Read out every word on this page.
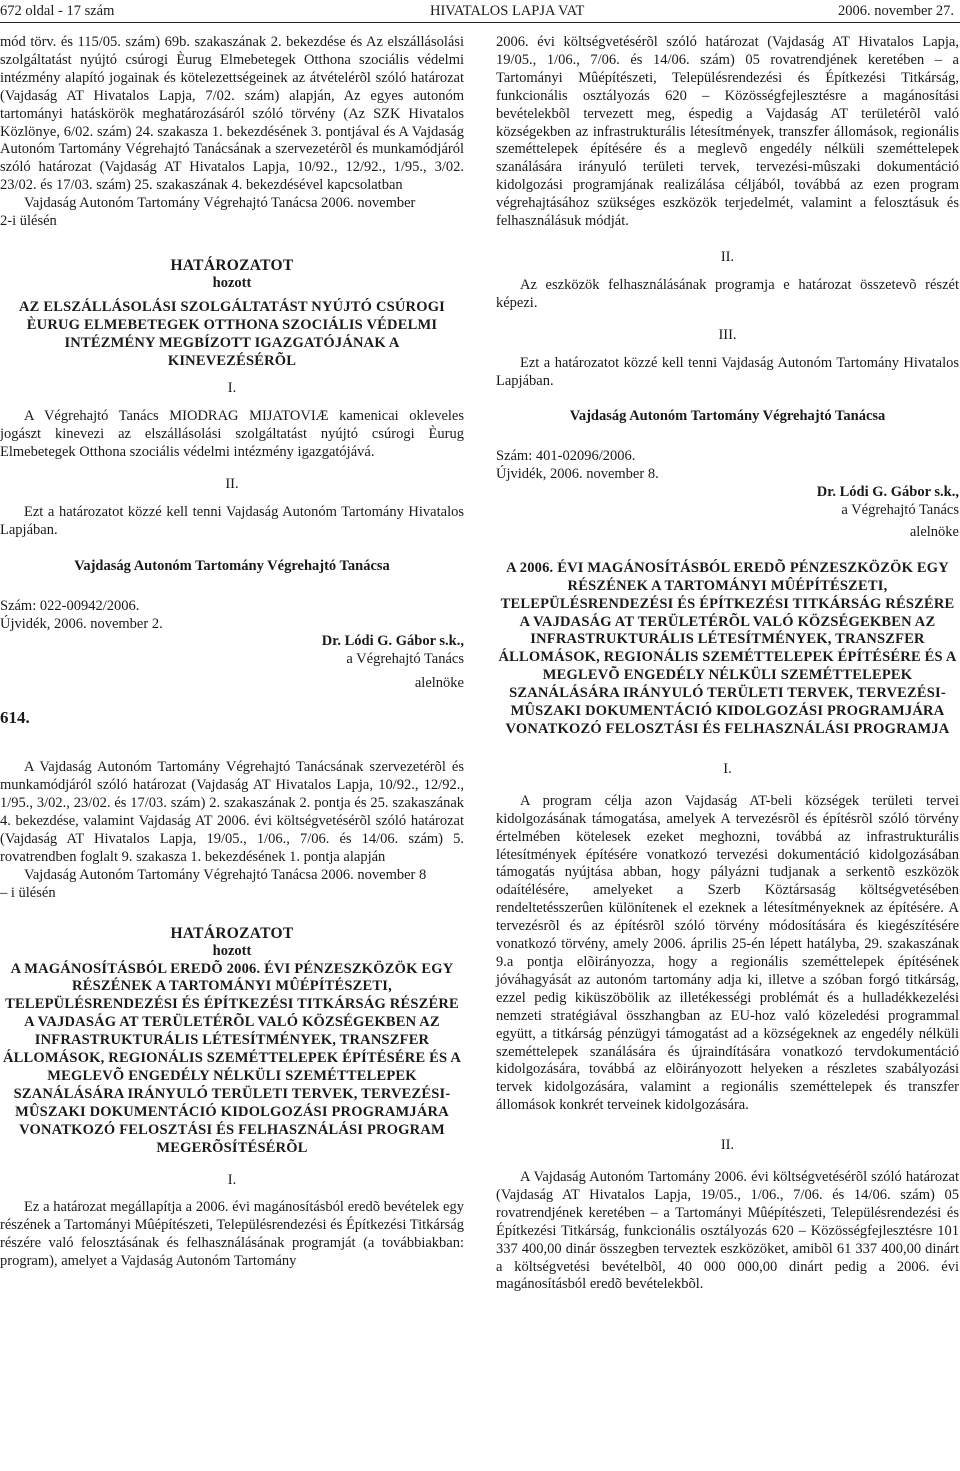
672 oldal - 17 szám	HIVATALOS LAPJA VAT	2006. november 27.

mód törv. és 115/05. szám) 69b. szakaszának 2. bekezdése és Az elszállásolási szolgáltatást nyújtó csúrogi Èurug Elmebetegek Otthona szociális védelmi intézmény alapító jogainak és kötelezettségeinek az átvételérõl szóló határozat (Vajdaság AT Hivatalos Lapja, 7/02. szám) alapján, Az egyes autonóm tartományi hatáskörök meghatározásáról szóló törvény (Az SZK Hivatalos Közlönye, 6/02. szám) 24. szakasza 1. bekezdésének 3. pontjával és A Vajdaság Autonóm Tartomány Végrehajtó Tanácsának a szervezetérõl és munkamódjáról szóló határozat (Vajdaság AT Hivatalos Lapja, 10/92., 12/92., 1/95., 3/02. 23/02. és 17/03. szám) 25. szakaszának 4. bekezdésével kapcsolatban

Vajdaság Autonóm Tartomány Végrehajtó Tanácsa 2006. november

2-i ülésén

HATÁROZATOT
hozott
AZ ELSZÁLLÁSOLÁSI SZOLGÁLTATÁST NYÚJTÓ CSÚROGI ÈURUG ELMEBETEGEK OTTHONA SZOCIÁLIS VÉDELMI INTÉZMÉNY MEGBÍZOTT IGAZGATÓJÁNAK A KINEVEZÉSÉRÕL
I.

A Végrehajtó Tanács MIODRAG MIJATOVIÆ kamenicai okleveles jogászt kinevezi az elszállásolási szolgáltatást nyújtó csúrogi Èurug Elmebetegek Otthona szociális védelmi intézmény igazgatójává.

II.

Ezt a határozatot közzé kell tenni Vajdaság Autonóm Tartomány Hivatalos Lapjában.

Vajdaság Autonóm Tartomány Végrehajtó Tanácsa
Szám: 022-00942/2006.
Újvidék, 2006. november 2.
Dr. Lódi G. Gábor s.k.,
a Végrehajtó Tanács
alelnöke
614.

A Vajdaság Autonóm Tartomány Végrehajtó Tanácsának szervezetérõl és munkamódjáról szóló határozat (Vajdaság AT Hivatalos Lapja, 10/92., 12/92., 1/95., 3/02., 23/02. és 17/03. szám) 2. szakaszának 2. pontja és 25. szakaszának 4. bekezdése, valamint Vajdaság AT 2006. évi költségvetésérõl szóló határozat (Vajdaság AT Hivatalos Lapja, 19/05., 1/06., 7/06. és 14/06. szám) 5. rovatrendben foglalt 9. szakasza 1. bekezdésének 1. pontja alapján

Vajdaság Autonóm Tartomány Végrehajtó Tanácsa 2006. november 8

– i ülésén

HATÁROZATOT
hozott
A MAGÁNOSÍTÁSBÓL EREDÕ 2006. ÉVI PÉNZESZKÖZÖK EGY RÉSZÉNEK A TARTOMÁNYI MÛÉPÍTÉSZETI, TELEPÜLÉSRENDEZÉSI ÉS ÉPÍTKEZÉSI TITKÁRSÁG RÉSZÉRE A VAJDASÁG AT TERÜLETÉRÕL VALÓ KÖZSÉGEKBEN AZ INFRASTRUKTURÁLIS LÉTESÍTMÉNYEK, TRANSZFER ÁLLOMÁSOK, REGIONÁLIS SZEMÉTTELEPEK ÉPÍTÉSÉRE ÉS A MEGLEVÕ ENGEDÉLY NÉLKÜLI SZEMÉTTELEPEK SZANÁLÁSÁRA IRÁNYULÓ TERÜLETI TERVEK, TERVEZÉSI-MÛSZAKI DOKUMENTÁCIÓ KIDOLGOZÁSI PROGRAMJÁRA VONATKOZÓ FELOSZTÁSI ÉS FELHASZNÁLÁSI PROGRAM MEGERÕSÍTÉSÉRÕL
I.

Ez a határozat megállapítja a 2006. évi magánosításból eredõ bevételek egy részének a Tartományi Mûépítészeti, Településrendezési és Építkezési Titkárság részére való felosztásának és felhasználásának programját (a továbbiakban: program), amelyet a Vajdaság Autonóm Tartomány

2006. évi költségvetésérõl szóló határozat (Vajdaság AT Hivatalos Lapja, 19/05., 1/06., 7/06. és 14/06. szám) 05 rovatrendjének keretében – a Tartományi Mûépítészeti, Településrendezési és Építkezési Titkárság, funkcionális osztályozás 620 – Közösségfejlesztésre a magánosítási bevételekbõl tervezett meg, éspedig a Vajdaság AT területérõl való községekben az infrastrukturális létesítmények, transzfer állomások, regionális szeméttelepek építésére és a meglevõ engedély nélküli szeméttelepek szanálására irányuló területi tervek, tervezési-mûszaki dokumentáció kidolgozási programjának realizálása céljából, továbbá az ezen program végrehajtásához szükséges eszközök terjedelmét, valamint a felosztásuk és felhasználásuk módját.

II.

Az eszközök felhasználásának programja e határozat összetevõ részét képezi.

III.

Ezt a határozatot közzé kell tenni Vajdaság Autonóm Tartomány Hivatalos Lapjában.

Vajdaság Autonóm Tartomány Végrehajtó Tanácsa
Szám: 401-02096/2006.
Újvidék, 2006. november 8.
Dr. Lódi G. Gábor s.k.,
a Végrehajtó Tanács
alelnöke
A 2006. ÉVI MAGÁNOSÍTÁSBÓL EREDÕ PÉNZESZKÖZÖK EGY RÉSZÉNEK A TARTOMÁNYI MÛÉPÍTÉSZETI, TELEPÜLÉSRENDEZÉSI ÉS ÉPÍTKEZÉSI TITKÁRSÁG RÉSZÉRE A VAJDASÁG AT TERÜLETÉRÕL VALÓ KÖZSÉGEKBEN AZ INFRASTRUKTURÁLIS LÉTESÍTMÉNYEK, TRANSZFER ÁLLOMÁSOK, REGIONÁLIS SZEMÉTTELEPEK ÉPÍTÉSÉRE ÉS A MEGLEVÕ ENGEDÉLY NÉLKÜLI SZEMÉTTELEPEK SZANÁLÁSÁRA IRÁNYULÓ TERÜLETI TERVEK, TERVEZÉSI-MÛSZAKI DOKUMENTÁCIÓ KIDOLGOZÁSI PROGRAMJÁRA VONATKOZÓ FELOSZTÁSI ÉS FELHASZNÁLÁSI PROGRAMJA
I.

A program célja azon Vajdaság AT-beli községek területi tervei kidolgozásának támogatása, amelyek A tervezésrõl és építésrõl szóló törvény értelmében kötelesek ezeket meghozni, továbbá az infrastrukturális létesítmények építésére vonatkozó tervezési dokumentáció kidolgozásában támogatás nyújtása abban, hogy pályázni tudjanak a serkentõ eszközök odaítélésére, amelyeket a Szerb Köztársaság költségvetésében rendeltetésszerûen különítenek el ezeknek a létesítményeknek az építésére. A tervezésrõl és az építésrõl szóló törvény módosítására és kiegészítésére vonatkozó törvény, amely 2006. április 25-én lépett hatályba, 29. szakaszának 9.a pontja elõirányozza, hogy a regionális szeméttelepek építésének jóváhagyását az autonóm tartomány adja ki, illetve a szóban forgó titkárság, ezzel pedig kiküszöbölik az illetékességi problémát és a hulladékkezelési nemzeti stratégiával összhangban az EU-hoz való közeledési programmal együtt, a titkárság pénzügyi támogatást ad a községeknek az engedély nélküli szeméttelepek szanálására és újraindítására vonatkozó tervdokumentáció kidolgozására, továbbá az elõirányozott helyeken a részletes szabályozási tervek kidolgozására, valamint a regionális szeméttelepek és transzfer állomások konkrét terveinek kidolgozására.

II.

A Vajdaság Autonóm Tartomány 2006. évi költségvetésérõl szóló határozat (Vajdaság AT Hivatalos Lapja, 19/05., 1/06., 7/06. és 14/06. szám) 05 rovatrendjének keretében – a Tartományi Mûépítészeti, Településrendezési és Építkezési Titkárság, funkcionális osztályozás 620 – Közösségfejlesztésre 101 337 400,00 dinár összegben terveztek eszközöket, amibõl 61 337 400,00 dinárt a költségvetési bevételbõl, 40 000 000,00 dinárt pedig a 2006. évi magánosításból eredõ bevételekbõl.
